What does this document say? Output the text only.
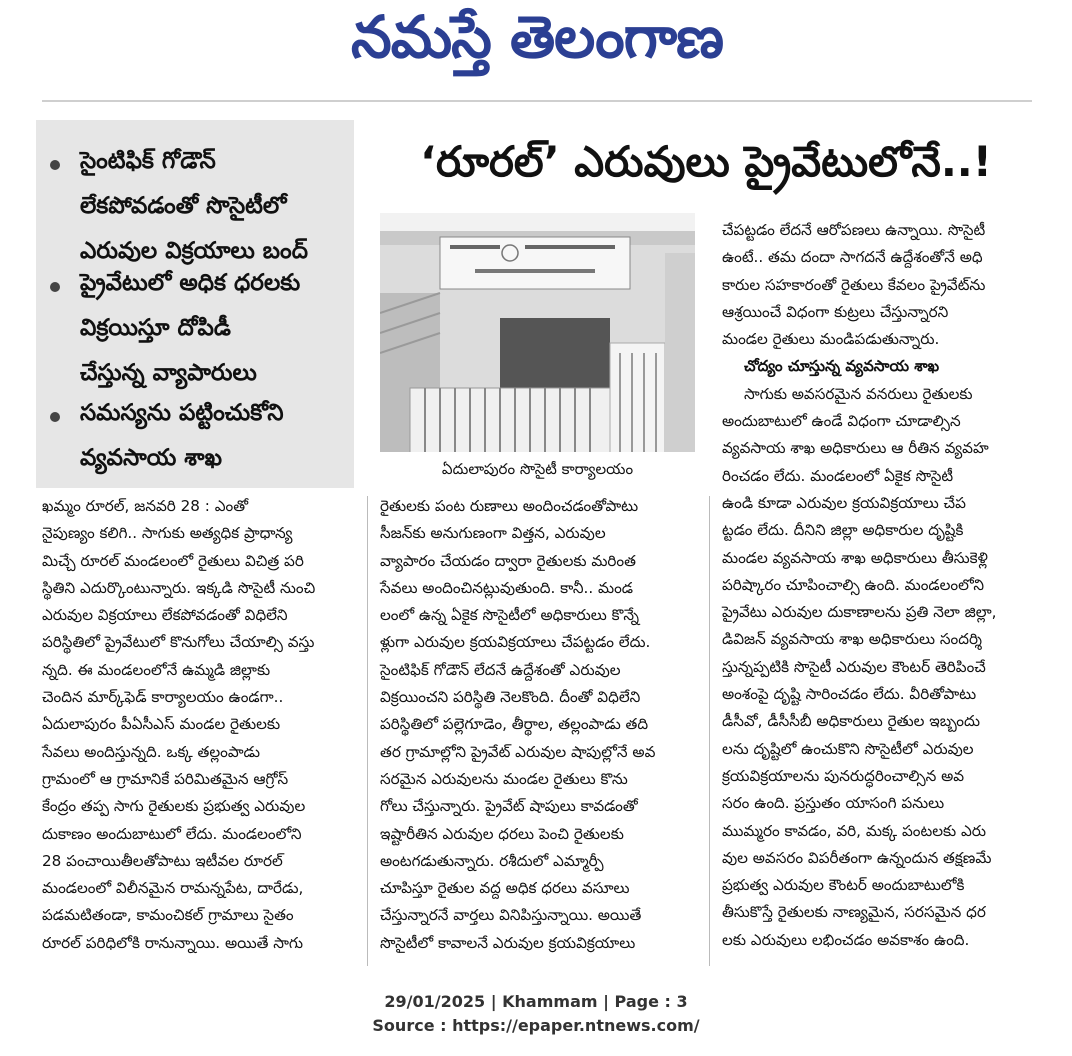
నమస్తే తెలంగాణ
సైంటిఫిక్ గోడౌన్
లేకపోవడంతో సొసైటీలో
ఎరువుల విక్రయాలు బంద్
ప్రైవేటులో అధిక ధరలకు
విక్రయిస్తూ దోపిడీ
చేస్తున్న వ్యాపారులు
సమస్యను పట్టించుకోని
వ్యవసాయ శాఖ
‘రూరల్’ ఎరువులు ప్రైవేటులోనే..!
ఏదులాపురం సొసైటీ కార్యాలయం
ఖమ్మం రూరల్, జనవరి 28 : ఎంతో
నైపుణ్యం కలిగి.. సాగుకు అత్యధిక ప్రాధాన్య
మిచ్చే రూరల్ మండలంలో రైతులు విచిత్ర పరి
స్థితిని ఎదుర్కొంటున్నారు. ఇక్కడి సొసైటీ నుంచి
ఎరువుల విక్రయాలు లేకపోవడంతో విధిలేని
పరిస్థితిలో ప్రైవేటులో కొనుగోలు చేయాల్సి వస్తు
న్నది. ఈ మండలంలోనే ఉమ్మడి జిల్లాకు
చెందిన మార్క్‌ఫెడ్ కార్యాలయం ఉండగా..
ఏదులాపురం పీఏసీఎస్ మండల రైతులకు
సేవలు అందిస్తున్నది. ఒక్క తల్లంపాడు
గ్రామంలో ఆ గ్రామానికే పరిమితమైన ఆగ్రోస్
కేంద్రం తప్ప సాగు రైతులకు ప్రభుత్వ ఎరువుల
దుకాణం అందుబాటులో లేదు. మండలంలోని
28 పంచాయితీలతోపాటు ఇటీవల రూరల్
మండలంలో విలీనమైన రామన్నపేట, దారేడు,
పడమటితండా, కామంచికల్ గ్రామాలు సైతం
రూరల్ పరిధిలోకి రానున్నాయి. అయితే సాగు
రైతులకు పంట రుణాలు అందించడంతోపాటు
సీజన్‌కు అనుగుణంగా విత్తన, ఎరువుల
వ్యాపారం చేయడం ద్వారా రైతులకు మరింత
సేవలు అందించినట్లువుతుంది. కానీ.. మండ
లంలో ఉన్న ఏకైక సొసైటీలో అధికారులు కొన్నే
ళ్లుగా ఎరువుల క్రయవిక్రయాలు చేపట్టడం లేదు.
సైంటిఫిక్ గోడౌన్ లేదనే ఉద్దేశంతో ఎరువుల
విక్రయించని పరిస్థితి నెలకొంది. దీంతో విధిలేని
పరిస్థితిలో పల్లెగూడెం, తీర్థాల, తల్లంపాడు తది
తర గ్రామాల్లోని ప్రైవేట్ ఎరువుల షాపుల్లోనే అవ
సరమైన ఎరువులను మండల రైతులు కొను
గోలు చేస్తున్నారు. ప్రైవేట్ షాపులు కావడంతో
ఇష్టారీతిన ఎరువుల ధరలు పెంచి రైతులకు
అంటగడుతున్నారు. రశీదులో ఎమ్మార్పీ
చూపిస్తూ రైతుల వద్ద అధిక ధరలు వసూలు
చేస్తున్నారనే వార్తలు వినిపిస్తున్నాయి. అయితే
సొసైటీలో కావాలనే ఎరువుల క్రయవిక్రయాలు
చేపట్టడం లేదనే ఆరోపణలు ఉన్నాయి. సొసైటీ
ఉంటే.. తమ దందా సాగదనే ఉద్దేశంతోనే అధి
కారుల సహకారంతో రైతులు కేవలం ప్రైవేట్‌ను
ఆశ్రయించే విధంగా కుట్రలు చేస్తున్నారని
మండల రైతులు మండిపడుతున్నారు.
చోద్యం చూస్తున్న వ్యవసాయ శాఖ
సాగుకు అవసరమైన వనరులు రైతులకు
అందుబాటులో ఉండే విధంగా చూడాల్సిన
వ్యవసాయ శాఖ అధికారులు ఆ రీతిన వ్యవహ
రించడం లేదు. మండలంలో ఏకైక సొసైటీ
ఉండి కూడా ఎరువుల క్రయవిక్రయాలు చేప
ట్టడం లేదు. దీనిని జిల్లా అధికారుల దృష్టికి
మండల వ్యవసాయ శాఖ అధికారులు తీసుకెళ్లి
పరిష్కారం చూపించాల్సి ఉంది. మండలంలోని
ప్రైవేటు ఎరువుల దుకాణాలను ప్రతి నెలా జిల్లా,
డివిజన్ వ్యవసాయ శాఖ అధికారులు సందర్శి
స్తున్నప్పటికి సొసైటీ ఎరువుల కౌంటర్ తెరిపించే
అంశంపై దృష్టి సారించడం లేదు. వీరితోపాటు
డీసీవో, డీసీసీబీ అధికారులు రైతుల ఇబ్బందు
లను దృష్టిలో ఉంచుకొని సొసైటీలో ఎరువుల
క్రయవిక్రయాలను పునరుద్ధరించాల్సిన అవ
సరం ఉంది. ప్రస్తుతం యాసంగి పనులు
ముమ్మరం కావడం, వరి, మక్క పంటలకు ఎరు
వుల అవసరం విపరీతంగా ఉన్నందున తక్షణమే
ప్రభుత్వ ఎరువుల కౌంటర్ అందుబాటులోకి
తీసుకొస్తే రైతులకు నాణ్యమైన, సరసమైన ధర
లకు ఎరువులు లభించడం అవకాశం ఉంది.
29/01/2025 | Khammam | Page : 3
Source : https://epaper.ntnews.com/
